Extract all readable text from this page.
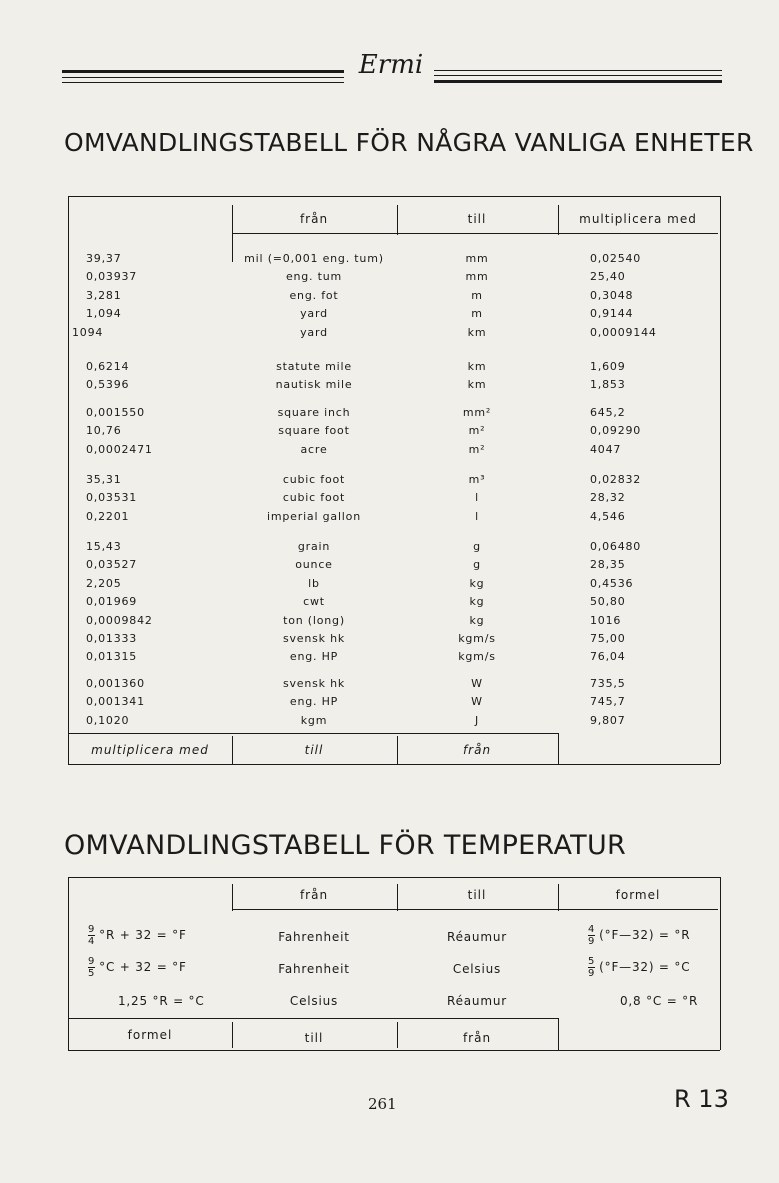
Ermi
OMVANDLINGSTABELL FÖR NÅGRA VANLIGA ENHETER
från	till	multiplicera med
multiplicera med	till	från
39,37	mil (=0,001 eng. tum)	mm	0,02540
0,03937	eng. tum	mm	25,40
3,281	eng. fot	m	0,3048
1,094	yard	m	0,9144
1094	yard	km	0,0009144
0,6214	statute mile	km	1,609
0,5396	nautisk mile	km	1,853
0,001550	square inch	mm²	645,2
10,76	square foot	m²	0,09290
0,0002471	acre	m²	4047
35,31	cubic foot	m³	0,02832
0,03531	cubic foot	l	28,32
0,2201	imperial gallon	l	4,546
15,43	grain	g	0,06480
0,03527	ounce	g	28,35
2,205	lb	kg	0,4536
0,01969	cwt	kg	50,80
0,0009842	ton (long)	kg	1016
0,01333	svensk hk	kgm/s	75,00
0,01315	eng. HP	kgm/s	76,04
0,001360	svensk hk	W	735,5
0,001341	eng. HP	W	745,7
0,1020	kgm	J	9,807
OMVANDLINGSTABELL FÖR TEMPERATUR
från	till	formel
formel	till	från
$\frac{9}{4} ^\circ R + 32 = ^\circ F$	Fahrenheit	Réaumur	$\frac{4}{9}$ (°F—32) = °R
$\frac{9}{5} ^\circ C + 32 = ^\circ F$	Fahrenheit	Celsius	$\frac{5}{9}$ (°F—32) = °C
1,25 °R = °C	Celsius	Réaumur	0,8 °C = °R
261	R 13
